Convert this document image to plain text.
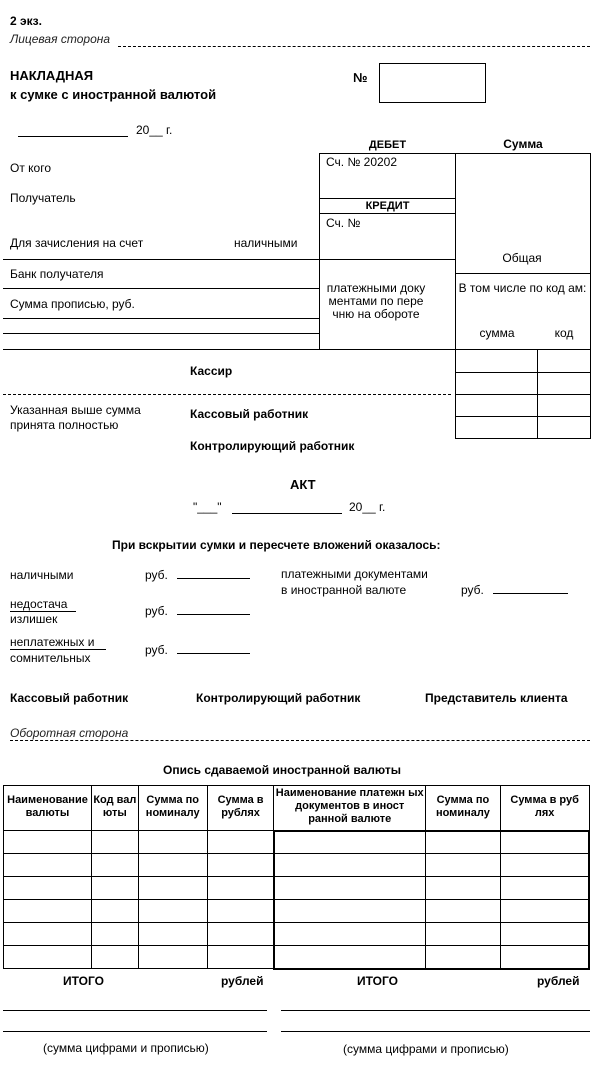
2 экз.
Лицевая сторона
НАКЛАДНАЯ
к сумке с иностранной валютой
№
20__ г.
ДЕБЕТ	Сумма
Сч. № 20202
КРЕДИТ
Сч. №
От кого
Получатель
Для зачисления на счет	наличными
Общая
Банк получателя
Сумма прописью, руб.
платежными доку ментами по пере чню на обороте
В том числе по код ам:
сумма	код
Кассир
Указанная выше сумма
принята полностью
Кассовый работник
Контролирующий работник
АКТ
"___"	20__ г.
При вскрытии сумки и пересчете вложений оказалось:
наличными	руб.	платежными документами
в иностранной валюте	руб.
недостача
излишек
руб.
неплатежных и
сомнительных
руб.
Кассовый работник	Контролирующий работник	Представитель клиента
Оборотная сторона
Опись сдаваемой иностранной валюты
Наименование валюты	Код вал юты	Сумма по номиналу	Сумма в рублях	Наименование платежн ых документов в иност ранной валюте	Сумма по номиналу	Сумма в руб лях

ИТОГО	рублей	ИТОГО	рублей
(сумма цифрами и прописью)	(сумма цифрами и прописью)
